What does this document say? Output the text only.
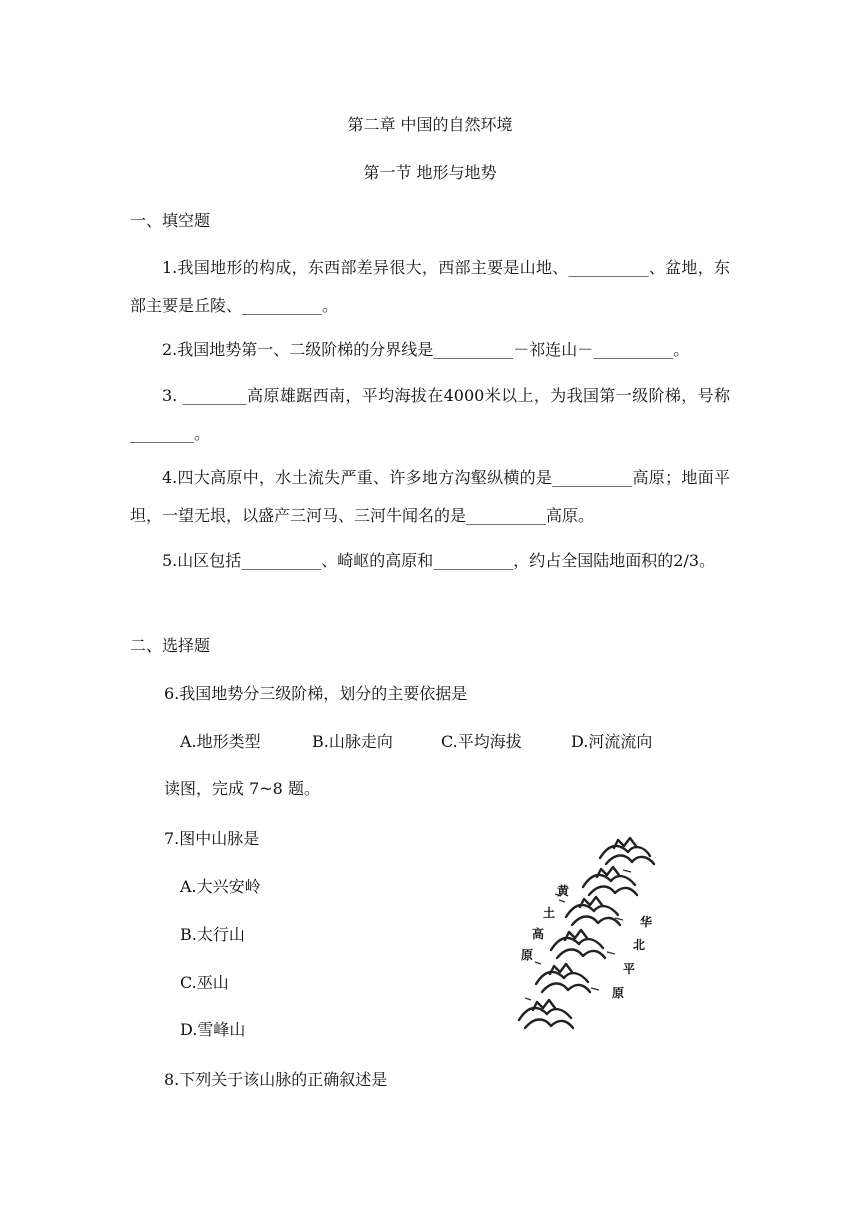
第二章 中国的自然环境
第一节 地形与地势
一、填空题
1.我国地形的构成，东西部差异很大，西部主要是山地、__________、盆地，东部主要是丘陵、__________。
2.我国地势第一、二级阶梯的分界线是__________－祁连山－__________。
3. ________高原雄踞西南，平均海拔在4000米以上，为我国第一级阶梯，号称________。
4.四大高原中，水土流失严重、许多地方沟壑纵横的是__________高原；地面平坦，一望无垠，以盛产三河马、三河牛闻名的是__________高原。
5.山区包括__________、崎岖的高原和__________，约占全国陆地面积的2/3。
二、选择题
6.我国地势分三级阶梯，划分的主要依据是
A.地形类型	B.山脉走向	C.平均海拔	D.河流流向
读图，完成 7~8 题。
7.图中山脉是
A.大兴安岭
B.太行山
C.巫山
D.雪峰山
8.下列关于该山脉的正确叙述是
黄
土
高
原
华
北
平
原
